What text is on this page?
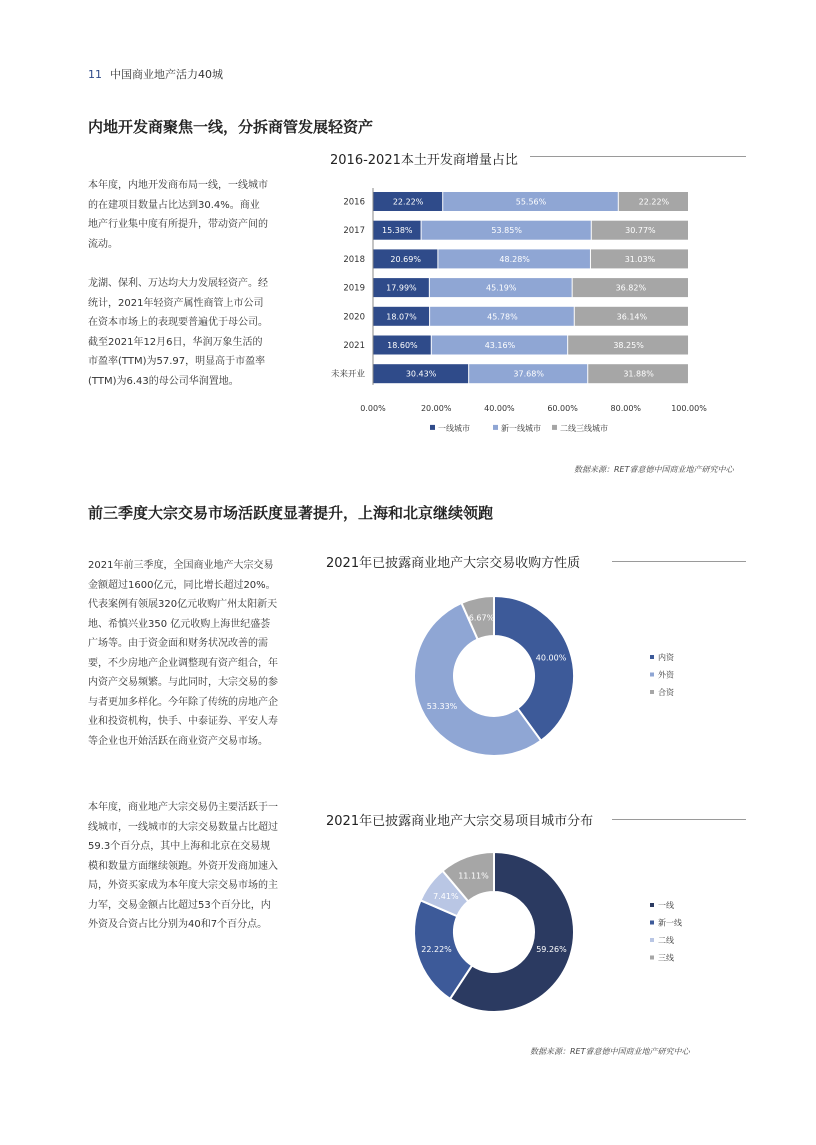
11 中国商业地产活力40城
内地开发商聚焦一线，分拆商管发展轻资产
2016-2021本土开发商增量占比
本年度，内地开发商布局一线，一线城市的在建项目数量占比达到30.4%。商业地产行业集中度有所提升，带动资产间的流动。
龙湖、保利、万达均大力发展轻资产。经统计，2021年轻资产属性商管上市公司在资本市场上的表现要普遍优于母公司。截至2021年12月6日，华润万象生活的市盈率(TTM)为57.97，明显高于市盈率(TTM)为6.43的母公司华润置地。
2016	22.22%	55.56%	22.22%
2017 15.38%	53.85%	30.77%
2018	20.69%	48.28%	31.03%
2019	17.99%	45.19%	36.82%
2020	18.07%	45.78%	36.14%
2021	18.60%	43.16%	38.25%
未来开业	30.43%	37.68%	31.88%
0.00%	20.00%	40.00%	60.00%	80.00%	100.00%
一线城市	新一线城市 二线三线城市
数据来源：RET睿意德中国商业地产研究中心
前三季度大宗交易市场活跃度显著提升，上海和北京继续领跑
2021年前三季度，全国商业地产大宗交易金额超过1600亿元，同比增长超过20%。代表案例有领展320亿元收购广州太阳新天地、希慎兴业350 亿元收购上海世纪盛荟广场等。由于资金面和财务状况改善的需要，不少房地产企业调整现有资产组合，年内资产交易频繁。与此同时，大宗交易的参与者更加多样化。今年除了传统的房地产企业和投资机构，快手、中泰证券、平安人寿等企业也开始活跃在商业资产交易市场。
本年度，商业地产大宗交易仍主要活跃于一线城市，一线城市的大宗交易数量占比超过59.3个百分点，其中上海和北京在交易规模和数量方面继续领跑。外资开发商加速入局，外资买家成为本年度大宗交易市场的主力军，交易金额占比超过53个百分比，内外资及合资占比分别为40和7个百分点。
2021年已披露商业地产大宗交易收购方性质
40.00%
53.33%
6.67%
内资
外资
合资
2021年已披露商业地产大宗交易项目城市分布
59.26%
22.22%
7.41%
11.11%
一线
新一线
二线
三线
数据来源：RET睿意德中国商业地产研究中心
